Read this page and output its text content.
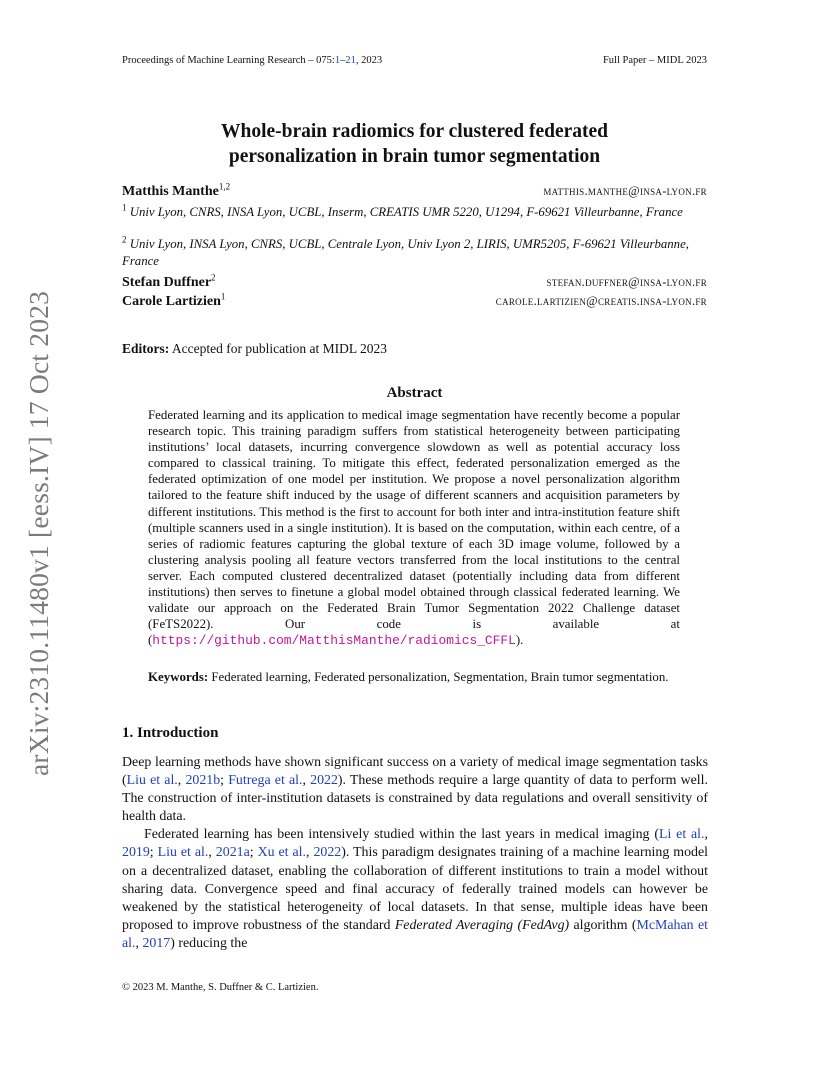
Proceedings of Machine Learning Research – 075:1–21, 2023	Full Paper – MIDL 2023
arXiv:2310.11480v1 [eess.IV] 17 Oct 2023
Whole-brain radiomics for clustered federated
personalization in brain tumor segmentation
Matthis Manthe$^{1,2}$	matthis.manthe@insa-lyon.fr
$^1$ Univ Lyon, CNRS, INSA Lyon, UCBL, Inserm, CREATIS UMR 5220, U1294, F-69621 Villeurbanne, France
$^2$ Univ Lyon, INSA Lyon, CNRS, UCBL, Centrale Lyon, Univ Lyon 2, LIRIS, UMR5205, F-69621 Villeurbanne, France
Stefan Duffner$^2$	stefan.duffner@insa-lyon.fr
Carole Lartizien$^1$	carole.lartizien@creatis.insa-lyon.fr
Editors: Accepted for publication at MIDL 2023
Abstract
Federated learning and its application to medical image segmentation have recently become a popular research topic. This training paradigm suffers from statistical heterogeneity between participating institutions’ local datasets, incurring convergence slowdown as well as potential accuracy loss compared to classical training. To mitigate this effect, federated personalization emerged as the federated optimization of one model per institution. We propose a novel personalization algorithm tailored to the feature shift induced by the usage of different scanners and acquisition parameters by different institutions. This method is the first to account for both inter and intra-institution feature shift (multiple scanners used in a single institution). It is based on the computation, within each centre, of a series of radiomic features capturing the global texture of each 3D image volume, followed by a clustering analysis pooling all feature vectors transferred from the local institutions to the central server. Each computed clustered decentralized dataset (potentially including data from different institutions) then serves to finetune a global model obtained through classical federated learning. We validate our approach on the Federated Brain Tumor Segmentation 2022 Challenge dataset (FeTS2022). Our code is available at (https://github.com/MatthisManthe/radiomics_CFFL).
Keywords: Federated learning, Federated personalization, Segmentation, Brain tumor segmentation.
1. Introduction

Deep learning methods have shown significant success on a variety of medical image segmentation tasks (Liu et al., 2021b; Futrega et al., 2022). These methods require a large quantity of data to perform well. The construction of inter-institution datasets is constrained by data regulations and overall sensitivity of health data.

Federated learning has been intensively studied within the last years in medical imaging (Li et al., 2019; Liu et al., 2021a; Xu et al., 2022). This paradigm designates training of a machine learning model on a decentralized dataset, enabling the collaboration of different institutions to train a model without sharing data. Convergence speed and final accuracy of federally trained models can however be weakened by the statistical heterogeneity of local datasets. In that sense, multiple ideas have been proposed to improve robustness of the standard Federated Averaging (FedAvg) algorithm (McMahan et al., 2017) reducing the

© 2023 M. Manthe, S. Duffner & C. Lartizien.
